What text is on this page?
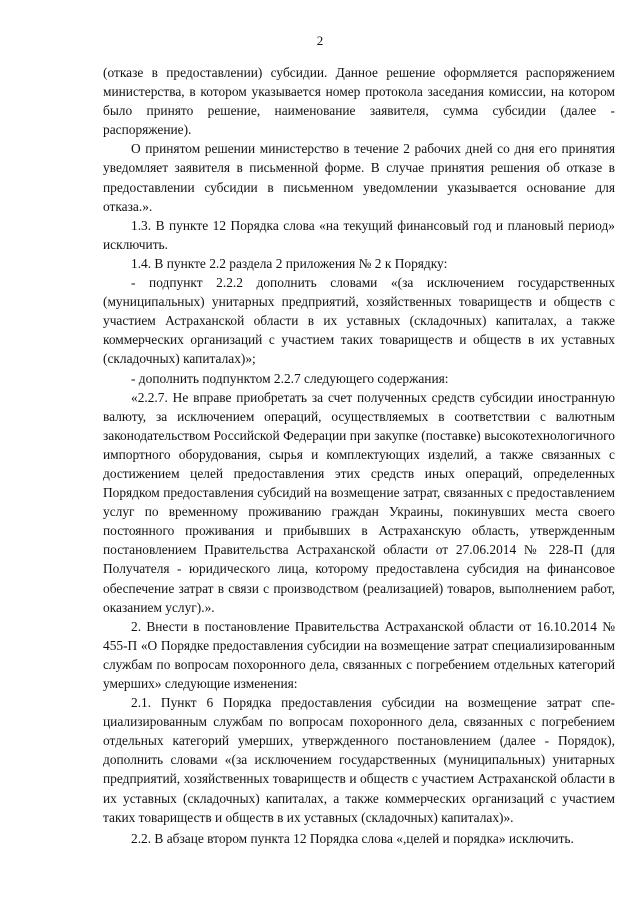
2

(отказе в предоставлении) субсидии. Данное решение оформляется распоряжением министерства, в котором указывается номер протокола заседания комиссии, на котором было принято решение, наименование заявителя, сумма субсидии (далее - распоряжение).

О принятом решении министерство в течение 2 рабочих дней со дня его принятия уведомляет заявителя в письменной форме. В случае принятия решения об отказе в предоставлении субсидии в письменном уведомлении указывается основание для отказа.».

1.3. В пункте 12 Порядка слова «на текущий финансовый год и плановый период» исключить.

1.4. В пункте 2.2 раздела 2 приложения № 2 к Порядку:

- подпункт 2.2.2 дополнить словами «(за исключением государственных (муниципальных) унитарных предприятий, хозяйственных товариществ и обществ с участием Астраханской области в их уставных (складочных) капиталах, а также коммерческих организаций с участием таких товариществ и обществ в их уставных (складочных) капиталах)»;

- дополнить подпунктом 2.2.7 следующего содержания:

«2.2.7. Не вправе приобретать за счет полученных средств субсидии иностранную валюту, за исключением операций, осуществляемых в соответствии с валютным законодательством Российской Федерации при закупке (поставке) высокотехнологичного импортного оборудования, сырья и комплектующих изделий, а также связанных с достижением целей предоставления этих средств иных операций, определенных Порядком предоставления субсидий на возмещение затрат, связанных с предоставлением услуг по временному проживанию граждан Украины, покинувших места своего постоянного проживания и прибывших в Астраханскую область, утвержденным постановлением Правительства Астраханской области от 27.06.2014 № 228-П (для Получателя - юридического лица, которому предоставлена субсидия на финансовое обеспечение затрат в связи с производством (реализацией) товаров, выполнением работ, оказанием услуг).».

2. Внести в постановление Правительства Астраханской области от 16.10.2014 № 455-П «О Порядке предоставления субсидии на возмещение затрат специализированным службам по вопросам похоронного дела, связанных с погребением отдельных категорий умерших» следующие изменения:

2.1. Пункт 6 Порядка предоставления субсидии на возмещение затрат специализированным службам по вопросам похоронного дела, связанных с погребением отдельных категорий умерших, утвержденного постановлением (далее - Порядок), дополнить словами «(за исключением государственных (муниципальных) унитарных предприятий, хозяйственных товариществ и обществ с участием Астраханской области в их уставных (складочных) капиталах, а также коммерческих организаций с участием таких товариществ и обществ в их уставных (складочных) капиталах)».

2.2. В абзаце втором пункта 12 Порядка слова «,целей и порядка» исключить.
